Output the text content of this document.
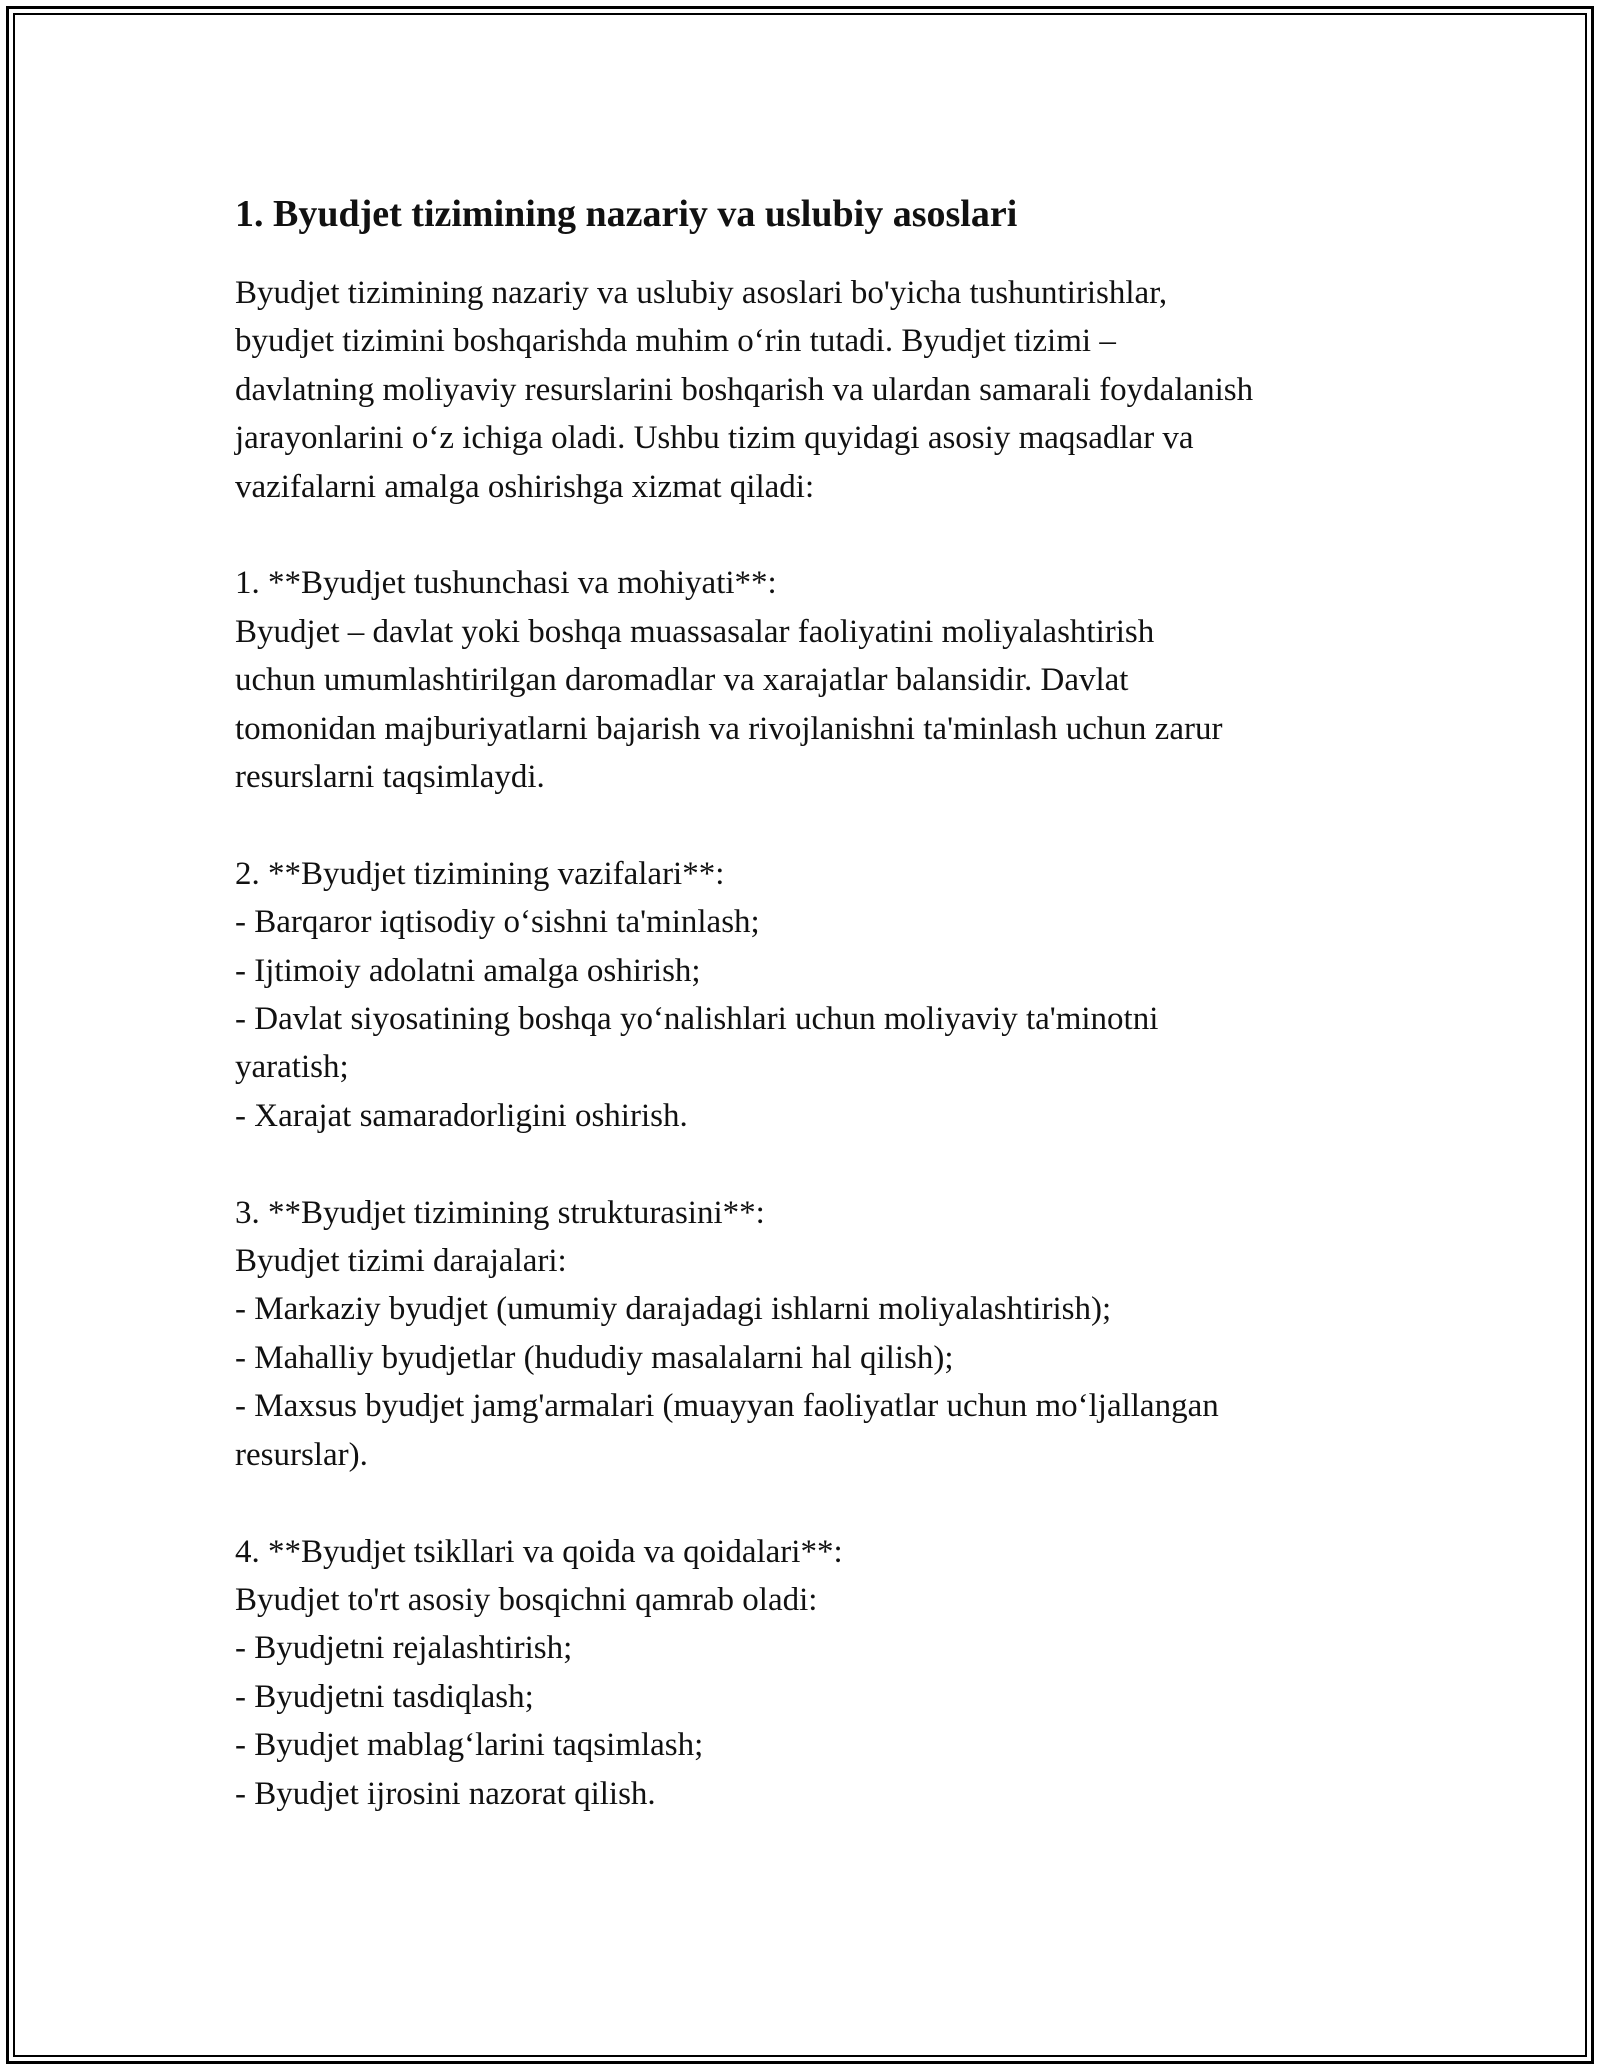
1. Byudjet tizimining nazariy va uslubiy asoslari

Byudjet tizimining nazariy va uslubiy asoslari bo'yicha tushuntirishlar,
byudjet tizimini boshqarishda muhim o‘rin tutadi. Byudjet tizimi –
davlatning moliyaviy resurslarini boshqarish va ulardan samarali foydalanish
jarayonlarini o‘z ichiga oladi. Ushbu tizim quyidagi asosiy maqsadlar va
vazifalarni amalga oshirishga xizmat qiladi:

1. **Byudjet tushunchasi va mohiyati**:
Byudjet – davlat yoki boshqa muassasalar faoliyatini moliyalashtirish
uchun umumlashtirilgan daromadlar va xarajatlar balansidir. Davlat
tomonidan majburiyatlarni bajarish va rivojlanishni ta'minlash uchun zarur
resurslarni taqsimlaydi.

2. **Byudjet tizimining vazifalari**:
- Barqaror iqtisodiy o‘sishni ta'minlash;
- Ijtimoiy adolatni amalga oshirish;
- Davlat siyosatining boshqa yo‘nalishlari uchun moliyaviy ta'minotni
yaratish;
- Xarajat samaradorligini oshirish.

3. **Byudjet tizimining strukturasini**:
Byudjet tizimi darajalari:
- Markaziy byudjet (umumiy darajadagi ishlarni moliyalashtirish);
- Mahalliy byudjetlar (hududiy masalalarni hal qilish);
- Maxsus byudjet jamg'armalari (muayyan faoliyatlar uchun mo‘ljallangan
resurslar).

4. **Byudjet tsikllari va qoida va qoidalari**:
Byudjet to'rt asosiy bosqichni qamrab oladi:
- Byudjetni rejalashtirish;
- Byudjetni tasdiqlash;
- Byudjet mablag‘larini taqsimlash;
- Byudjet ijrosini nazorat qilish.
